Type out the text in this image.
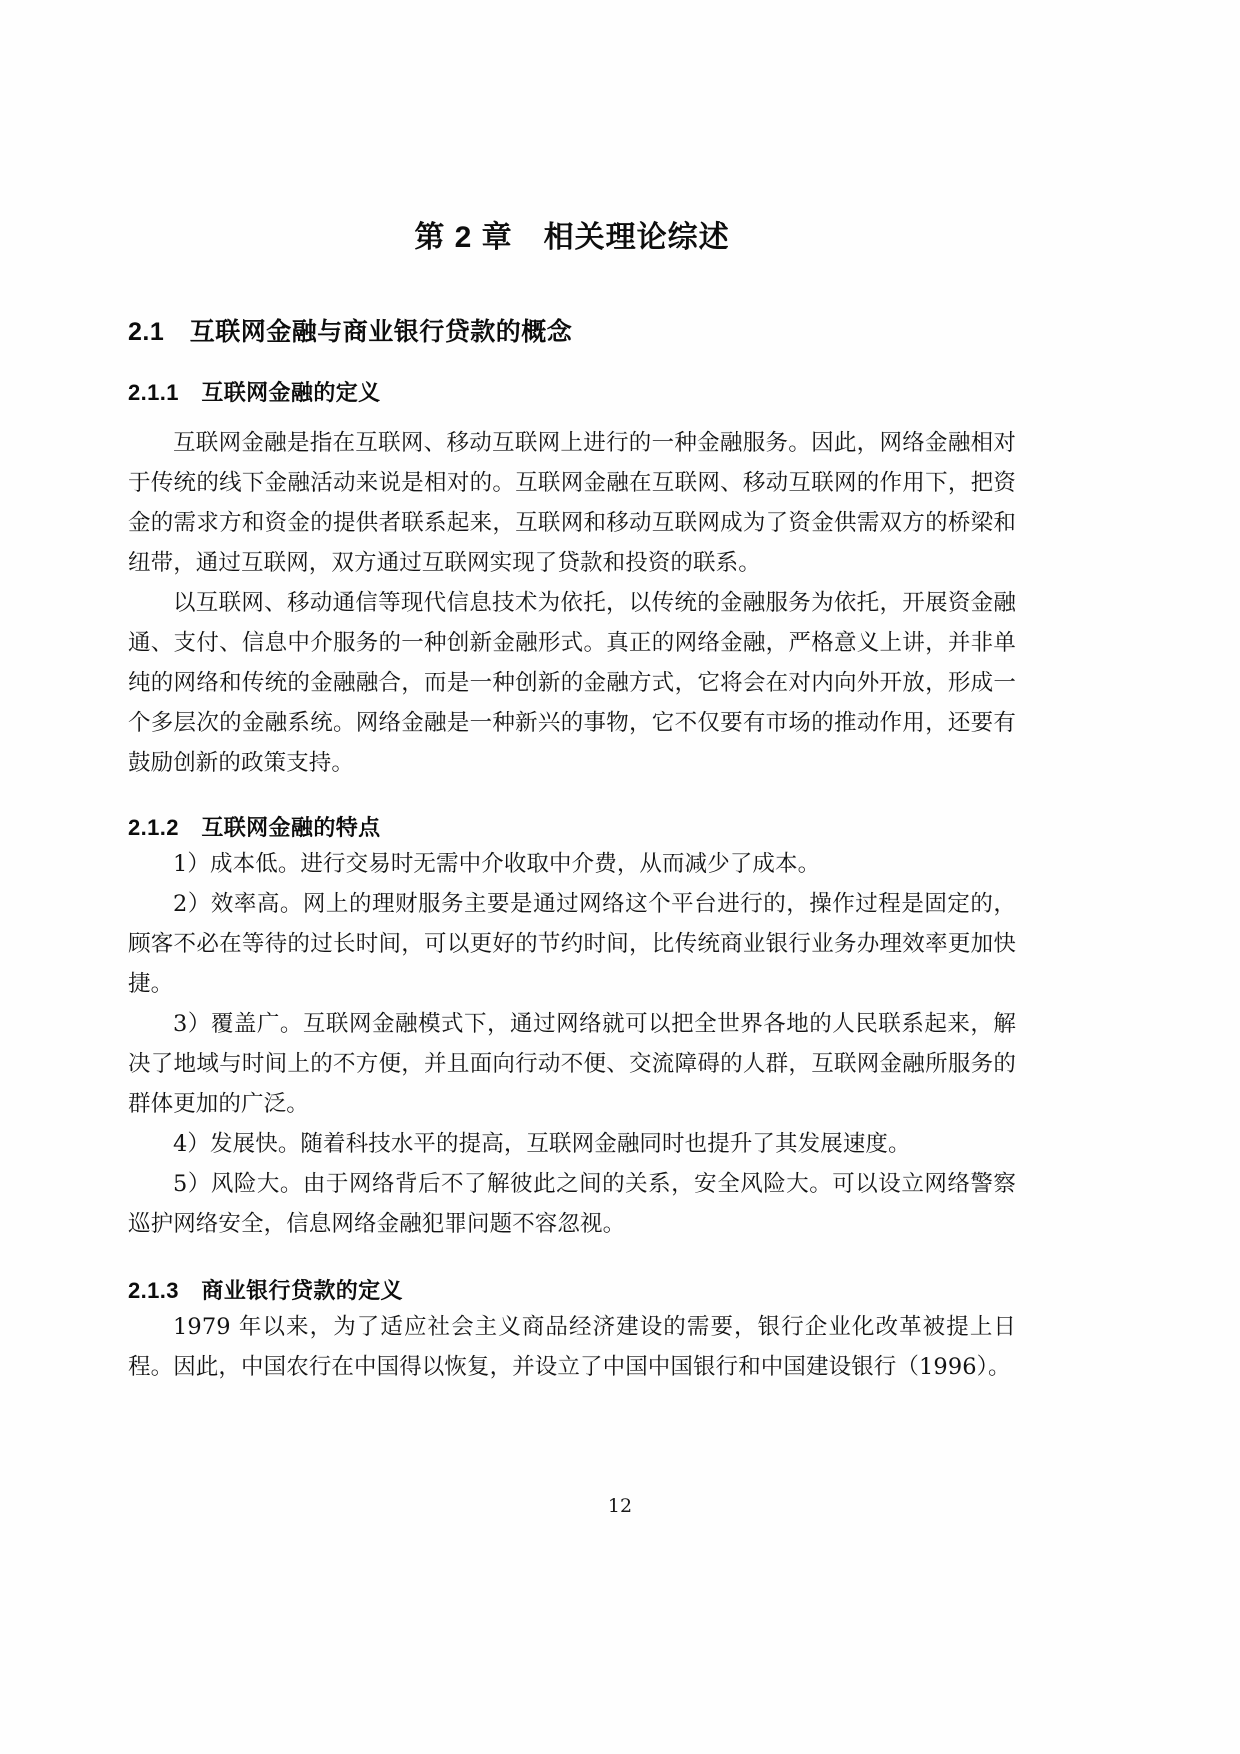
第 2 章　相关理论综述
2.1　互联网金融与商业银行贷款的概念
2.1.1　互联网金融的定义

互联网金融是指在互联网、移动互联网上进行的一种金融服务。因此，网络金融相对于传统的线下金融活动来说是相对的。互联网金融在互联网、移动互联网的作用下，把资金的需求方和资金的提供者联系起来，互联网和移动互联网成为了资金供需双方的桥梁和纽带，通过互联网，双方通过互联网实现了贷款和投资的联系。

以互联网、移动通信等现代信息技术为依托，以传统的金融服务为依托，开展资金融通、支付、信息中介服务的一种创新金融形式。真正的网络金融，严格意义上讲，并非单纯的网络和传统的金融融合，而是一种创新的金融方式，它将会在对内向外开放，形成一个多层次的金融系统。网络金融是一种新兴的事物，它不仅要有市场的推动作用，还要有鼓励创新的政策支持。

2.1.2　互联网金融的特点

1）成本低。进行交易时无需中介收取中介费，从而减少了成本。

2）效率高。网上的理财服务主要是通过网络这个平台进行的，操作过程是固定的，顾客不必在等待的过长时间，可以更好的节约时间，比传统商业银行业务办理效率更加快捷。

3）覆盖广。互联网金融模式下，通过网络就可以把全世界各地的人民联系起来，解决了地域与时间上的不方便，并且面向行动不便、交流障碍的人群，互联网金融所服务的群体更加的广泛。

4）发展快。随着科技水平的提高，互联网金融同时也提升了其发展速度。

5）风险大。由于网络背后不了解彼此之间的关系，安全风险大。可以设立网络警察巡护网络安全，信息网络金融犯罪问题不容忽视。

2.1.3　商业银行贷款的定义

1979 年以来，为了适应社会主义商品经济建设的需要，银行企业化改革被提上日程。因此，中国农行在中国得以恢复，并设立了中国中国银行和中国建设银行（1996）。

12
